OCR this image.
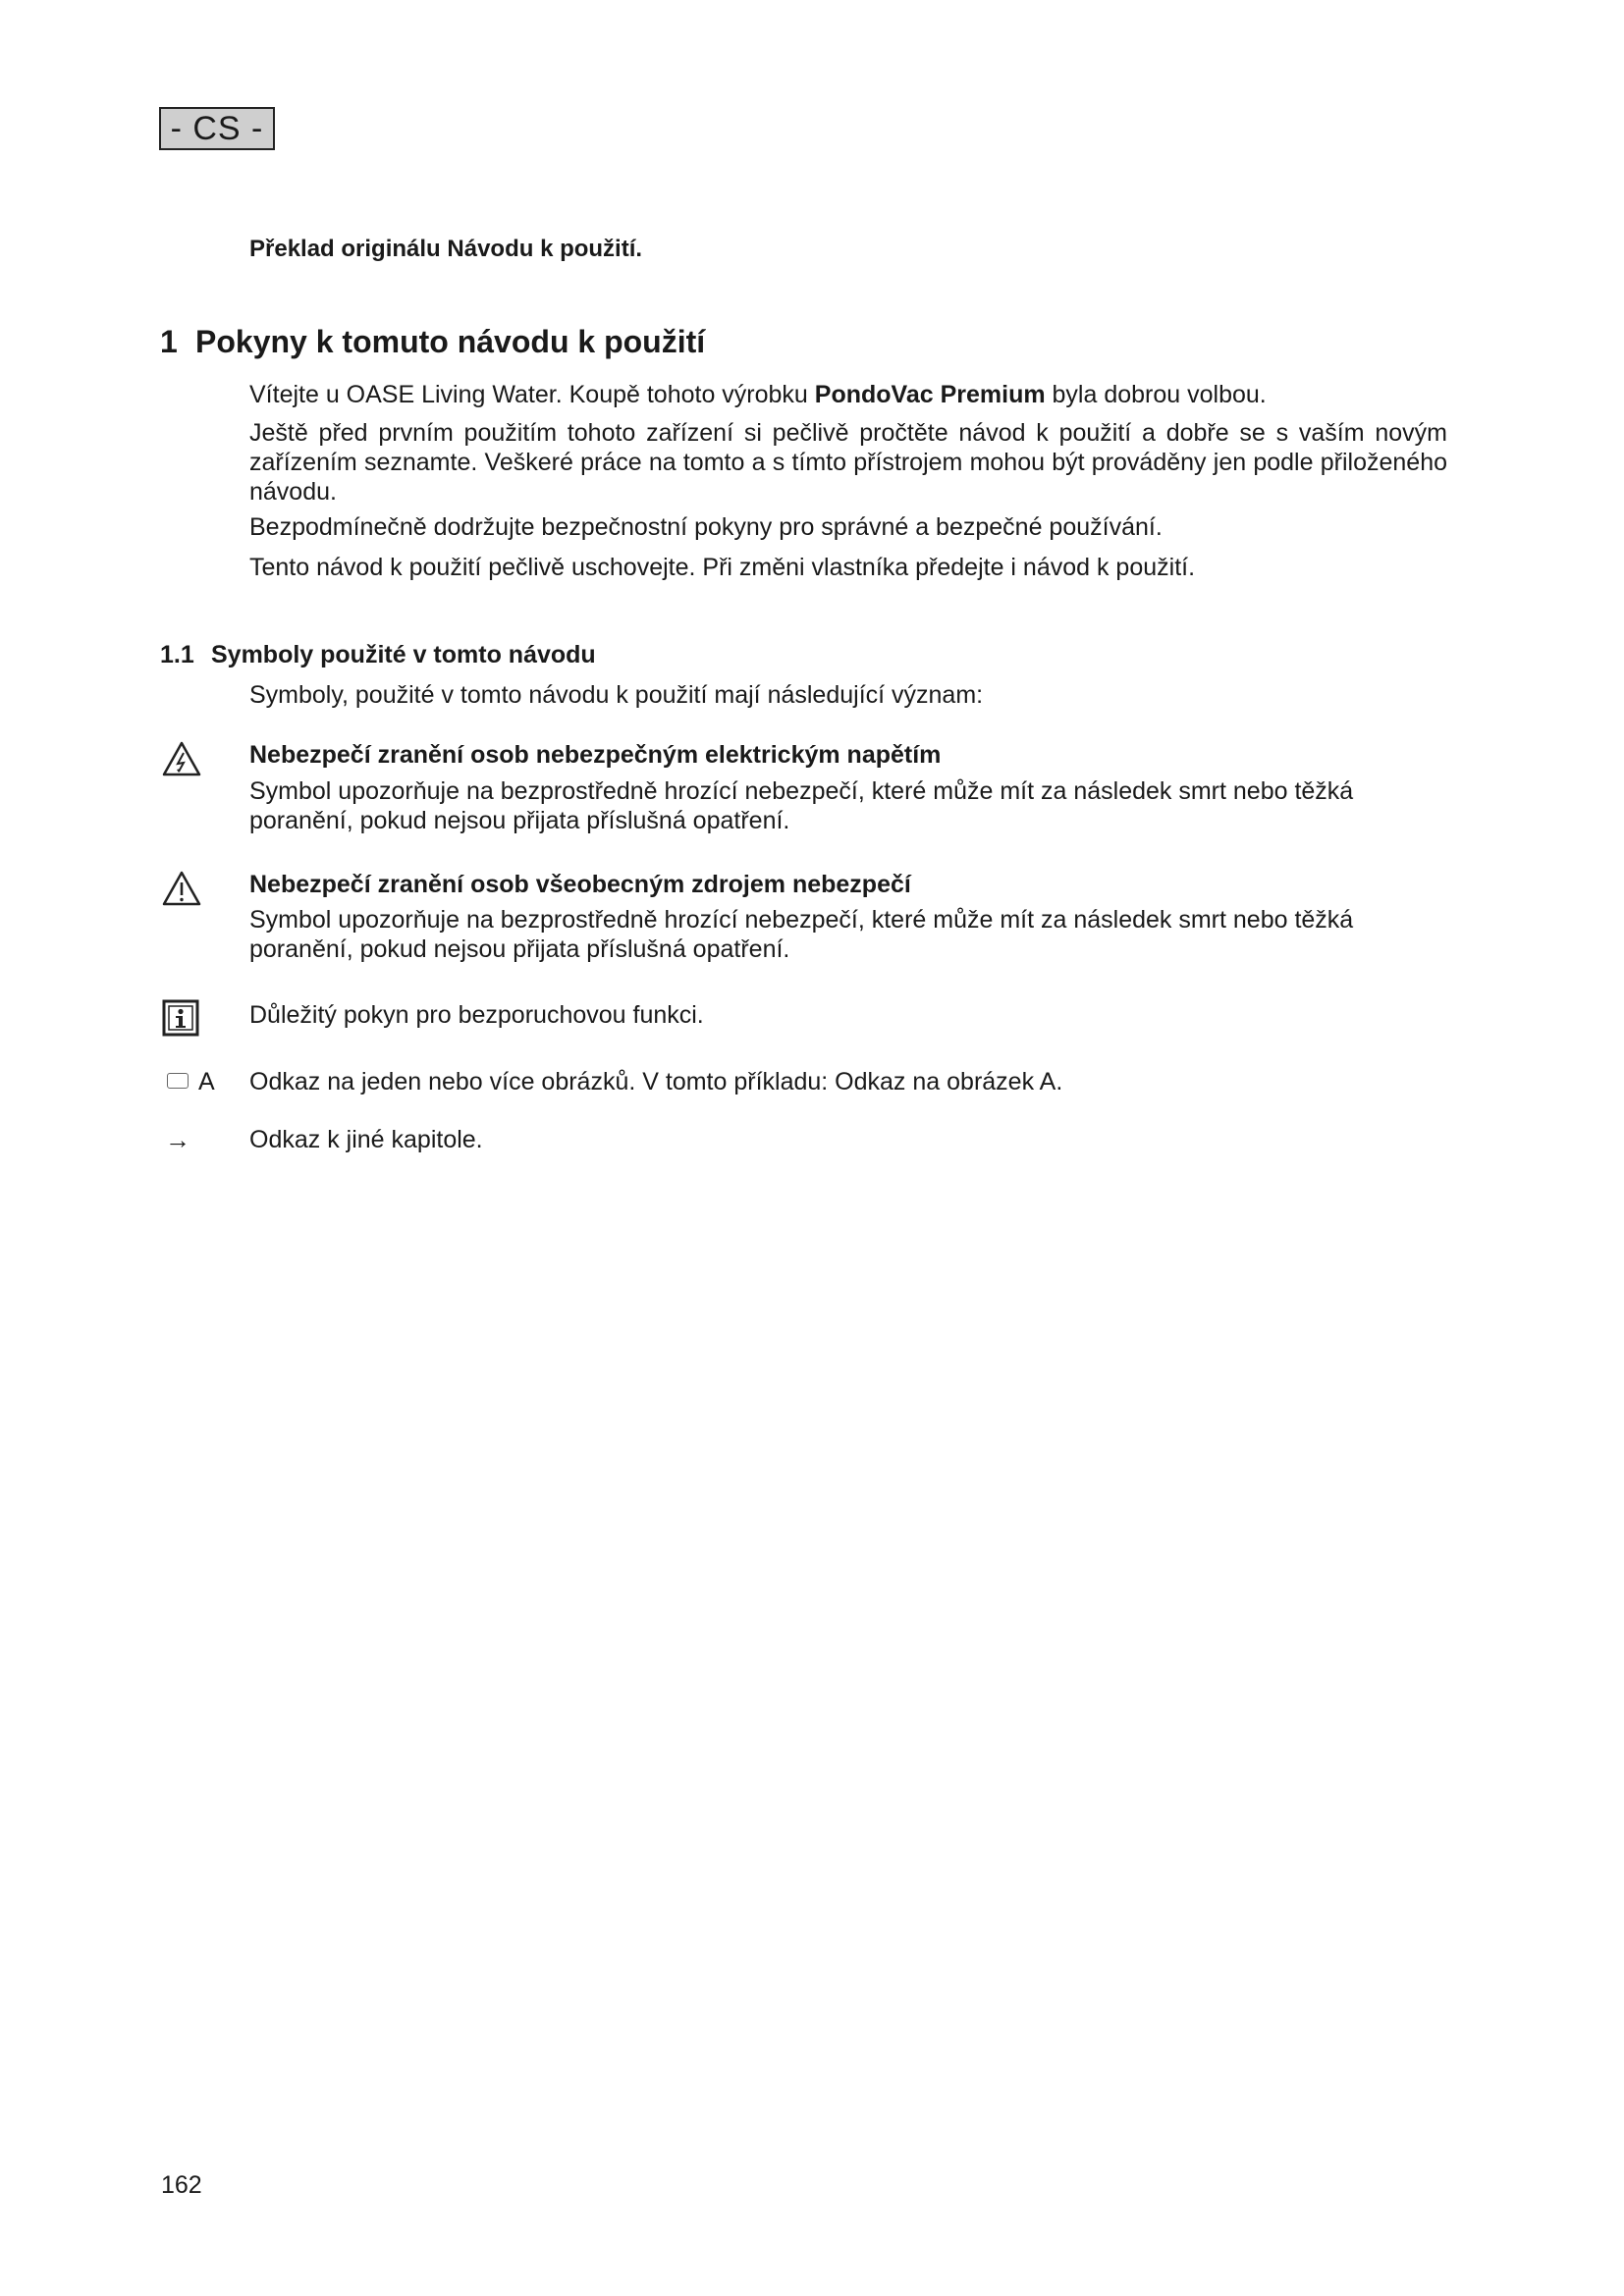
- CS -
Překlad originálu Návodu k použití.
1 Pokyny k tomuto návodu k použití
Vítejte u OASE Living Water. Koupě tohoto výrobku PondoVac Premium byla dobrou volbou.
Ještě před prvním použitím tohoto zařízení si pečlivě pročtěte návod k použití a dobře se s vaším novým zařízením seznamte. Veškeré práce na tomto a s tímto přístrojem mohou být prováděny jen podle přiloženého návodu.
Bezpodmínečně dodržujte bezpečnostní pokyny pro správné a bezpečné používání.
Tento návod k použití pečlivě uschovejte. Při změni vlastníka předejte i návod k použití.
1.1 Symboly použité v tomto návodu
Symboly, použité v tomto návodu k použití mají následující význam:
Nebezpečí zranění osob nebezpečným elektrickým napětím
Symbol upozorňuje na bezprostředně hrozící nebezpečí, které může mít za následek smrt nebo těžká poranění, pokud nejsou přijata příslušná opatření.
Nebezpečí zranění osob všeobecným zdrojem nebezpečí
Symbol upozorňuje na bezprostředně hrozící nebezpečí, které může mít za následek smrt nebo těžká poranění, pokud nejsou přijata příslušná opatření.
Důležitý pokyn pro bezporuchovou funkci.
A Odkaz na jeden nebo více obrázků. V tomto příkladu: Odkaz na obrázek A.
→ Odkaz k jiné kapitole.
162
